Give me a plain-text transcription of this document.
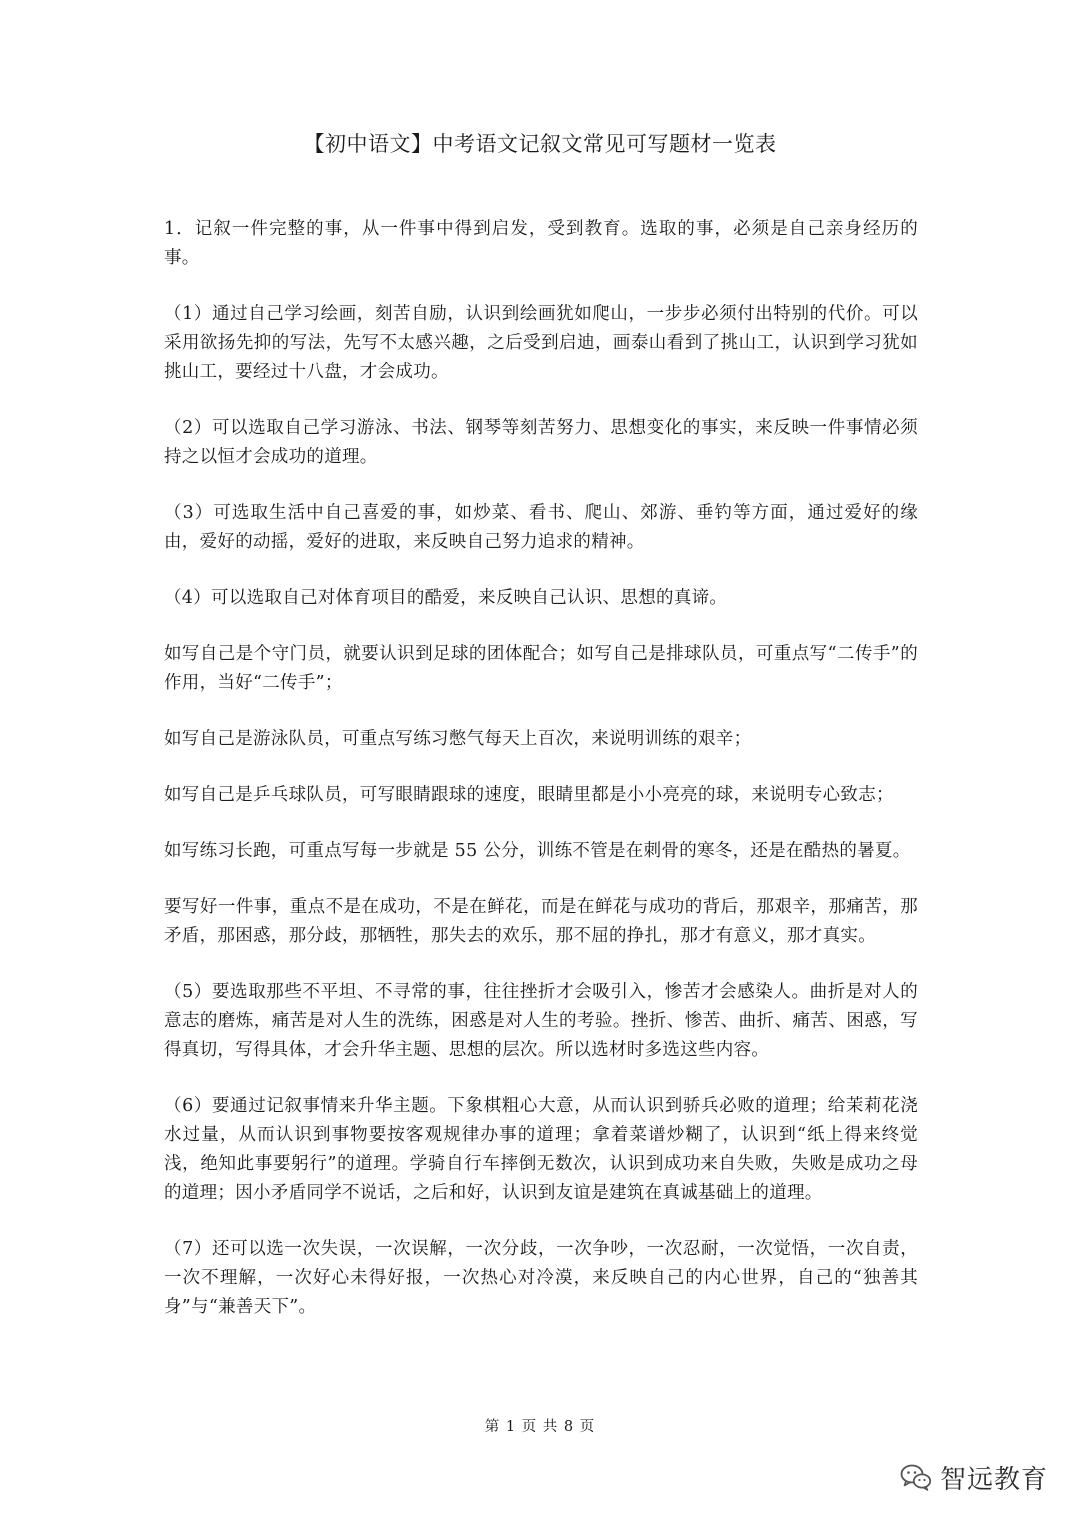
【初中语文】中考语文记叙文常见可写题材一览表

1．记叙一件完整的事，从一件事中得到启发，受到教育。选取的事，必须是自己亲身经历的事。

（1）通过自己学习绘画，刻苦自励，认识到绘画犹如爬山，一步步必须付出特别的代价。可以采用欲扬先抑的写法，先写不太感兴趣，之后受到启迪，画泰山看到了挑山工，认识到学习犹如挑山工，要经过十八盘，才会成功。

（2）可以选取自己学习游泳、书法、钢琴等刻苦努力、思想变化的事实，来反映一件事情必须持之以恒才会成功的道理。

（3）可选取生活中自己喜爱的事，如炒菜、看书、爬山、郊游、垂钓等方面，通过爱好的缘由，爱好的动摇，爱好的进取，来反映自己努力追求的精神。

（4）可以选取自己对体育项目的酷爱，来反映自己认识、思想的真谛。

如写自己是个守门员，就要认识到足球的团体配合；如写自己是排球队员，可重点写“二传手”的作用，当好“二传手”；

如写自己是游泳队员，可重点写练习憋气每天上百次，来说明训练的艰辛；

如写自己是乒乓球队员，可写眼睛跟球的速度，眼睛里都是小小亮亮的球，来说明专心致志；

如写练习长跑，可重点写每一步就是 55 公分，训练不管是在刺骨的寒冬，还是在酷热的暑夏。

要写好一件事，重点不是在成功，不是在鲜花，而是在鲜花与成功的背后，那艰辛，那痛苦，那矛盾，那困惑，那分歧，那牺牲，那失去的欢乐，那不屈的挣扎，那才有意义，那才真实。

（5）要选取那些不平坦、不寻常的事，往往挫折才会吸引入，惨苦才会感染人。曲折是对人的意志的磨炼，痛苦是对人生的洗练，困惑是对人生的考验。挫折、惨苦、曲折、痛苦、困惑，写得真切，写得具体，才会升华主题、思想的层次。所以选材时多选这些内容。

（6）要通过记叙事情来升华主题。下象棋粗心大意，从而认识到骄兵必败的道理；给茉莉花浇水过量，从而认识到事物要按客观规律办事的道理；拿着菜谱炒糊了，认识到“纸上得来终觉浅，绝知此事要躬行”的道理。学骑自行车摔倒无数次，认识到成功来自失败，失败是成功之母的道理；因小矛盾同学不说话，之后和好，认识到友谊是建筑在真诚基础上的道理。

（7）还可以选一次失误，一次误解，一次分歧，一次争吵，一次忍耐，一次觉悟，一次自责，一次不理解，一次好心未得好报，一次热心对冷漠，来反映自己的内心世界，自己的“独善其身”与“兼善天下”。

第 1 页 共 8 页
智远教育
